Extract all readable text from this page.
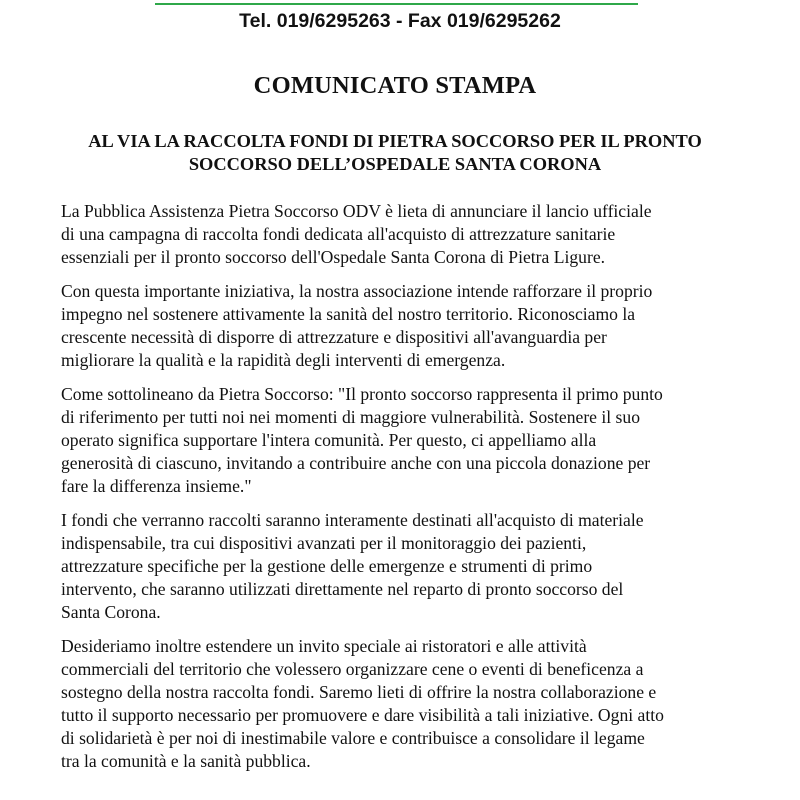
Tel. 019/6295263 - Fax 019/6295262
COMUNICATO STAMPA
AL VIA LA RACCOLTA FONDI DI PIETRA SOCCORSO PER IL PRONTO
SOCCORSO DELL’OSPEDALE SANTA CORONA

La Pubblica Assistenza Pietra Soccorso ODV è lieta di annunciare il lancio ufficiale
di una campagna di raccolta fondi dedicata all'acquisto di attrezzature sanitarie
essenziali per il pronto soccorso dell'Ospedale Santa Corona di Pietra Ligure.

Con questa importante iniziativa, la nostra associazione intende rafforzare il proprio
impegno nel sostenere attivamente la sanità del nostro territorio. Riconosciamo la
crescente necessità di disporre di attrezzature e dispositivi all'avanguardia per
migliorare la qualità e la rapidità degli interventi di emergenza.

Come sottolineano da Pietra Soccorso: "Il pronto soccorso rappresenta il primo punto
di riferimento per tutti noi nei momenti di maggiore vulnerabilità. Sostenere il suo
operato significa supportare l'intera comunità. Per questo, ci appelliamo alla
generosità di ciascuno, invitando a contribuire anche con una piccola donazione per
fare la differenza insieme."

I fondi che verranno raccolti saranno interamente destinati all'acquisto di materiale
indispensabile, tra cui dispositivi avanzati per il monitoraggio dei pazienti,
attrezzature specifiche per la gestione delle emergenze e strumenti di primo
intervento, che saranno utilizzati direttamente nel reparto di pronto soccorso del
Santa Corona.

Desideriamo inoltre estendere un invito speciale ai ristoratori e alle attività
commerciali del territorio che volessero organizzare cene o eventi di beneficenza a
sostegno della nostra raccolta fondi. Saremo lieti di offrire la nostra collaborazione e
tutto il supporto necessario per promuovere e dare visibilità a tali iniziative. Ogni atto
di solidarietà è per noi di inestimabile valore e contribuisce a consolidare il legame
tra la comunità e la sanità pubblica.
